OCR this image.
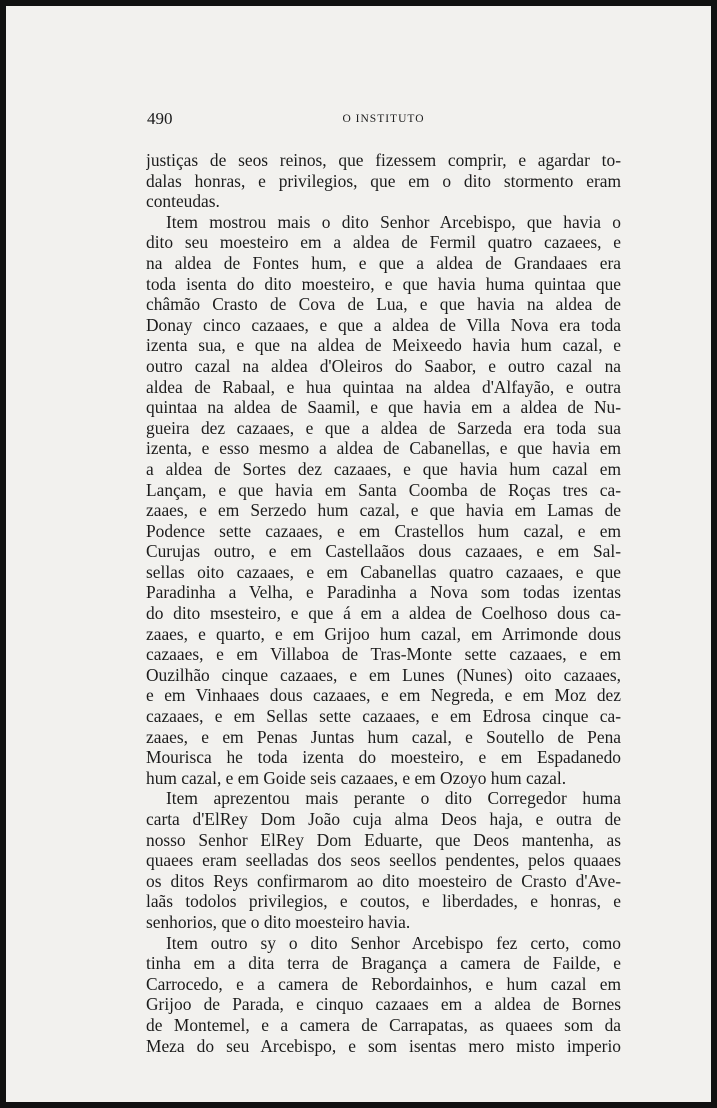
490	O INSTITUTO
justiças de seos reinos, que fizessem comprir, e agardar to-
dalas honras, e privilegios, que em o dito stormento eram
conteudas.
Item mostrou mais o dito Senhor Arcebispo, que havia o
dito seu moesteiro em a aldea de Fermil quatro cazaees, e
na aldea de Fontes hum, e que a aldea de Grandaaes era
toda isenta do dito moesteiro, e que havia huma quintaa que
châmão Crasto de Cova de Lua, e que havia na aldea de
Donay cinco cazaaes, e que a aldea de Villa Nova era toda
izenta sua, e que na aldea de Meixeedo havia hum cazal, e
outro cazal na aldea d'Oleiros do Saabor, e outro cazal na
aldea de Rabaal, e hua quintaa na aldea d'Alfayão, e outra
quintaa na aldea de Saamil, e que havia em a aldea de Nu-
gueira dez cazaaes, e que a aldea de Sarzeda era toda sua
izenta, e esso mesmo a aldea de Cabanellas, e que havia em
a aldea de Sortes dez cazaaes, e que havia hum cazal em
Lançam, e que havia em Santa Coomba de Roças tres ca-
zaaes, e em Serzedo hum cazal, e que havia em Lamas de
Podence sette cazaaes, e em Crastellos hum cazal, e em
Curujas outro, e em Castellaãos dous cazaaes, e em Sal-
sellas oito cazaaes, e em Cabanellas quatro cazaaes, e que
Paradinha a Velha, e Paradinha a Nova som todas izentas
do dito msesteiro, e que á em a aldea de Coelhoso dous ca-
zaaes, e quarto, e em Grijoo hum cazal, em Arrimonde dous
cazaaes, e em Villaboa de Tras-Monte sette cazaaes, e em
Ouzilhão cinque cazaaes, e em Lunes (Nunes) oito cazaaes,
e em Vinhaaes dous cazaaes, e em Negreda, e em Moz dez
cazaaes, e em Sellas sette cazaaes, e em Edrosa cinque ca-
zaaes, e em Penas Juntas hum cazal, e Soutello de Pena
Mourisca he toda izenta do moesteiro, e em Espadanedo
hum cazal, e em Goide seis cazaaes, e em Ozoyo hum cazal.
Item aprezentou mais perante o dito Corregedor huma
carta d'ElRey Dom João cuja alma Deos haja, e outra de
nosso Senhor ElRey Dom Eduarte, que Deos mantenha, as
quaees eram seelladas dos seos seellos pendentes, pelos quaaes
os ditos Reys confirmarom ao dito moesteiro de Crasto d'Ave-
laãs todolos privilegios, e coutos, e liberdades, e honras, e
senhorios, que o dito moesteiro havia.
Item outro sy o dito Senhor Arcebispo fez certo, como
tinha em a dita terra de Bragança a camera de Failde, e
Carrocedo, e a camera de Rebordainhos, e hum cazal em
Grijoo de Parada, e cinquo cazaaes em a aldea de Bornes
de Montemel, e a camera de Carrapatas, as quaees som da
Meza do seu Arcebispo, e som isentas mero misto imperio
